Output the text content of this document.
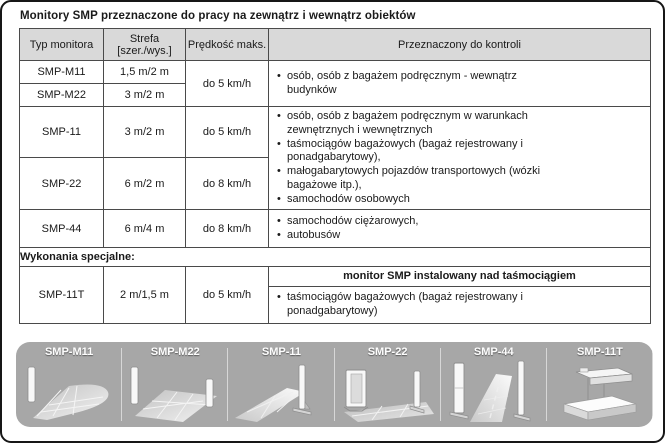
Monitory SMP przeznaczone do pracy na zewnątrz i wewnątrz obiektów
Typ monitora	Strefa [szer./wys.]	Prędkość maks.	Przeznaczony do kontroli
SMP-M11	1,5 m/2 m	do 5 km/h	
• osób, osób z bagażem podręcznym - wewnątrz budynków

SMP-M22	3 m/2 m		
SMP-11	3 m/2 m	do 5 km/h	
• osób, osób z bagażem podręcznym w warunkach zewnętrznych i wewnętrznych
• taśmociągów bagażowych (bagaż rejestrowany i ponadgabarytowy),
• małogabarytowych pojazdów transportowych (wózki bagażowe itp.),
• samochodów osobowych

SMP-22	6 m/2 m	do 8 km/h	
SMP-44	6 m/4 m	do 8 km/h	
• samochodów ciężarowych,
• autobusów

Wykonania specjalne:			
SMP-11T	2 m/1,5 m	do 5 km/h	
monitor SMP instalowany nad taśmociągiem
• taśmociągów bagażowych (bagaż rejestrowany i ponadgabarytowy)
SMP-M11	SMP-M22	SMP-11	SMP-22	SMP-44	SMP-11T
